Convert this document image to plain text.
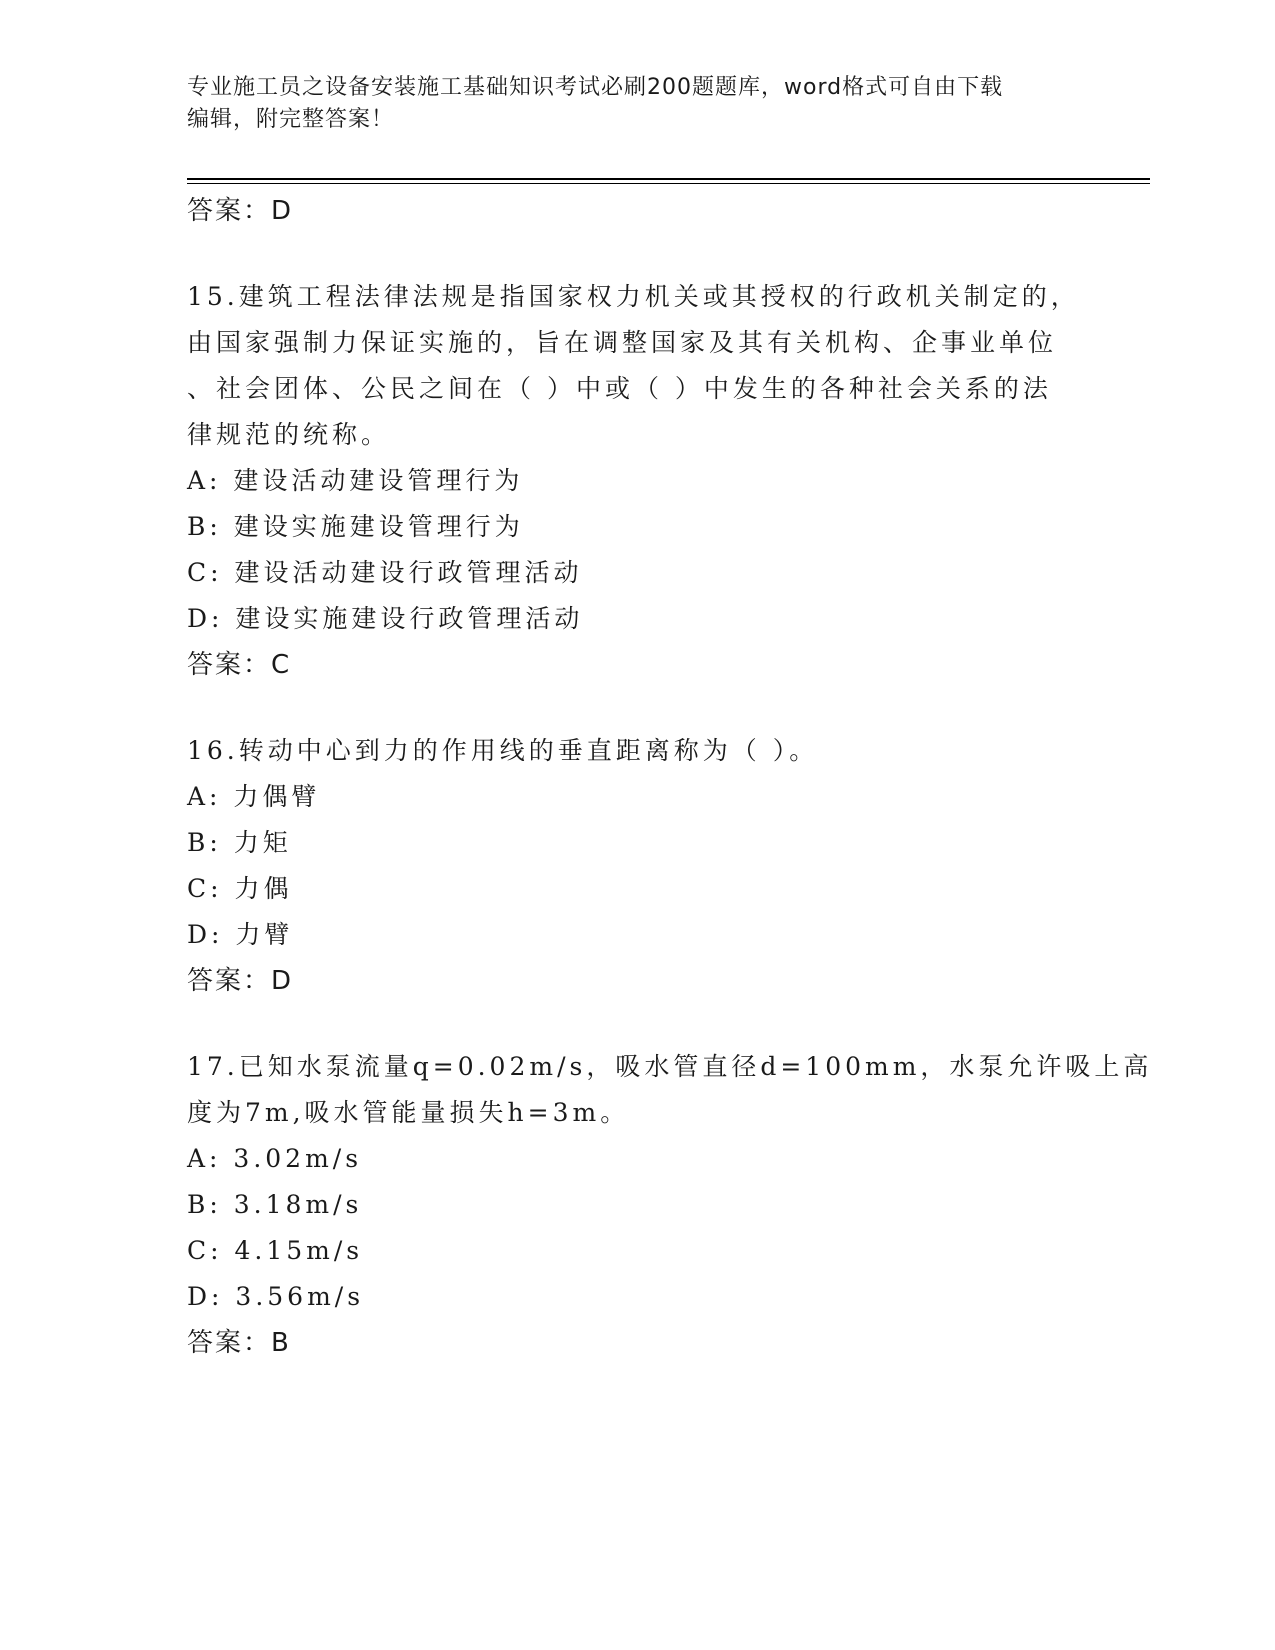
专业施工员之设备安装施工基础知识考试必刷200题题库，word格式可自由下载
编辑，附完整答案！
答案：D
15.建筑工程法律法规是指国家权力机关或其授权的行政机关制定的，
由国家强制力保证实施的，旨在调整国家及其有关机构、企事业单位
、社会团体、公民之间在（ ）中或（ ）中发生的各种社会关系的法
律规范的统称。
A: 建设活动建设管理行为
B: 建设实施建设管理行为
C: 建设活动建设行政管理活动
D: 建设实施建设行政管理活动
答案：C
16.转动中心到力的作用线的垂直距离称为（ ）。
A: 力偶臂
B: 力矩
C: 力偶
D: 力臂
答案：D
17.已知水泵流量q=0.02m/s，吸水管直径d=100mm，水泵允许吸上高
度为7m,吸水管能量损失h=3m。
A: 3.02m/s
B: 3.18m/s
C: 4.15m/s
D: 3.56m/s
答案：B
